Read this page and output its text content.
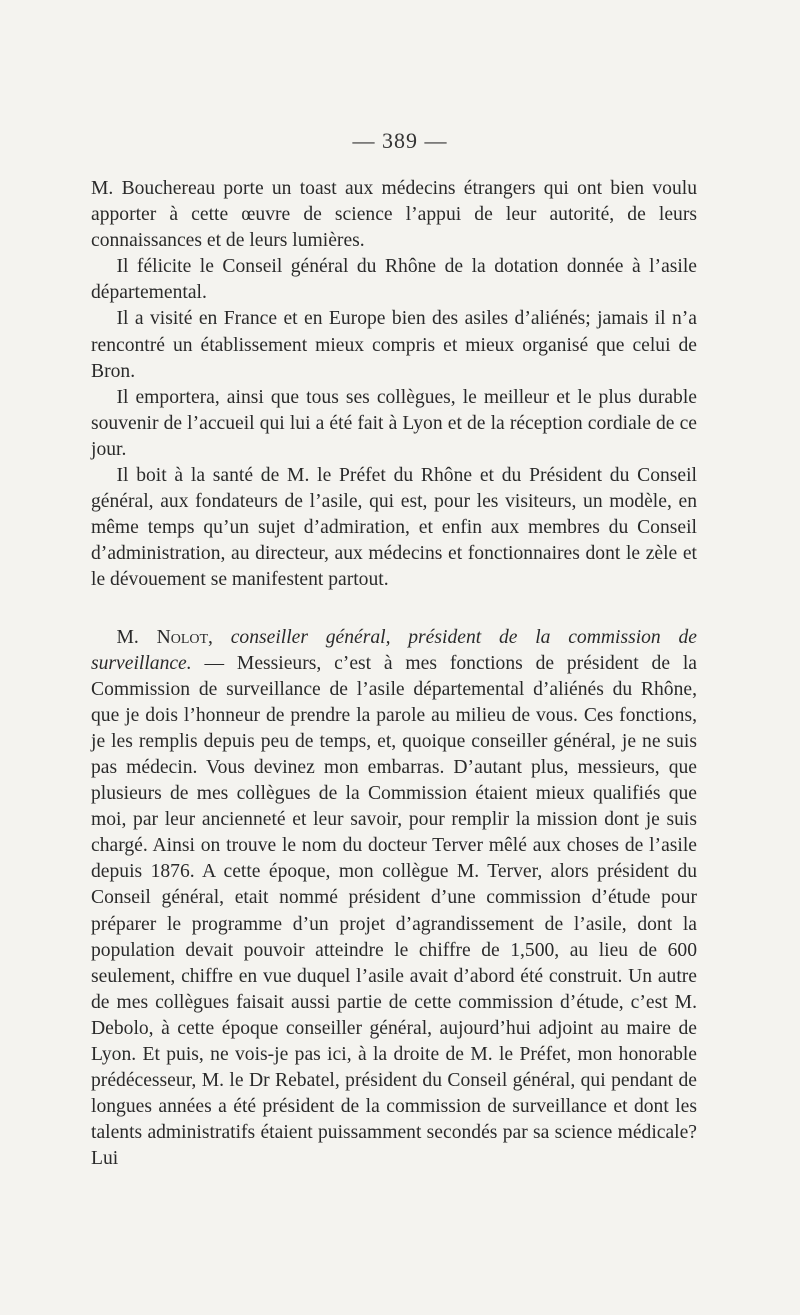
— 389 —

M. Bouchereau porte un toast aux médecins étrangers qui ont bien voulu apporter à cette œuvre de science l’appui de leur autorité, de leurs connaissances et de leurs lumières.

Il félicite le Conseil général du Rhône de la dotation donnée à l’asile départemental.

Il a visité en France et en Europe bien des asiles d’aliénés; jamais il n’a rencontré un établissement mieux compris et mieux organisé que celui de Bron.

Il emportera, ainsi que tous ses collègues, le meilleur et le plus durable souvenir de l’accueil qui lui a été fait à Lyon et de la réception cordiale de ce jour.

Il boit à la santé de M. le Préfet du Rhône et du Président du Conseil général, aux fondateurs de l’asile, qui est, pour les visiteurs, un modèle, en même temps qu’un sujet d’admiration, et enfin aux membres du Conseil d’administration, au directeur, aux médecins et fonctionnaires dont le zèle et le dévouement se manifestent partout.

M. Nolot, conseiller général, président de la commission de surveillance. — Messieurs, c’est à mes fonctions de président de la Commission de surveillance de l’asile départemental d’aliénés du Rhône, que je dois l’honneur de prendre la parole au milieu de vous. Ces fonctions, je les remplis depuis peu de temps, et, quoique conseiller général, je ne suis pas médecin. Vous devinez mon embarras. D’autant plus, messieurs, que plusieurs de mes collègues de la Commission étaient mieux qualifiés que moi, par leur ancienneté et leur savoir, pour remplir la mission dont je suis chargé. Ainsi on trouve le nom du docteur Terver mêlé aux choses de l’asile depuis 1876. A cette époque, mon collègue M. Terver, alors président du Conseil général, etait nommé président d’une commission d’étude pour préparer le programme d’un projet d’agrandissement de l’asile, dont la population devait pouvoir atteindre le chiffre de 1,500, au lieu de 600 seulement, chiffre en vue duquel l’asile avait d’abord été construit. Un autre de mes collègues faisait aussi partie de cette commission d’étude, c’est M. Debolo, à cette époque conseiller général, aujourd’hui adjoint au maire de Lyon. Et puis, ne vois-je pas ici, à la droite de M. le Préfet, mon honorable prédécesseur, M. le Dr Rebatel, président du Conseil général, qui pendant de longues années a été président de la commission de surveillance et dont les talents administratifs étaient puissamment secondés par sa science médicale? Lui
